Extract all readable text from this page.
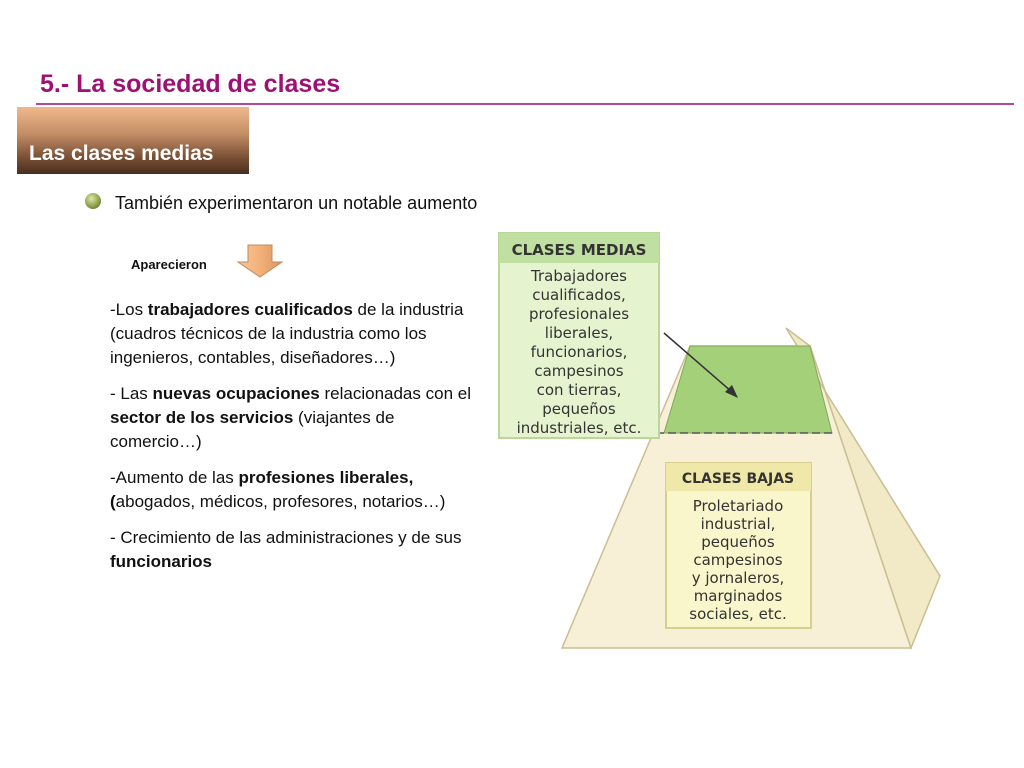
5.- La sociedad de clases
Las clases medias
También experimentaron un notable aumento
Aparecieron

-Los trabajadores cualificados de la industria (cuadros técnicos de la industria como los ingenieros, contables, diseñadores…)

- Las nuevas ocupaciones relacionadas con el sector de los servicios (viajantes de comercio…)

-Aumento de las profesiones liberales, (abogados, médicos, profesores, notarios…)

- Crecimiento de las administraciones y de sus funcionarios

CLASES MEDIAS
Trabajadores
cualificados,
profesionales
liberales,
funcionarios,
campesinos
con tierras,
pequeños
industriales, etc.
CLASES BAJAS
Proletariado
industrial,
pequeños
campesinos
y jornaleros,
marginados
sociales, etc.
